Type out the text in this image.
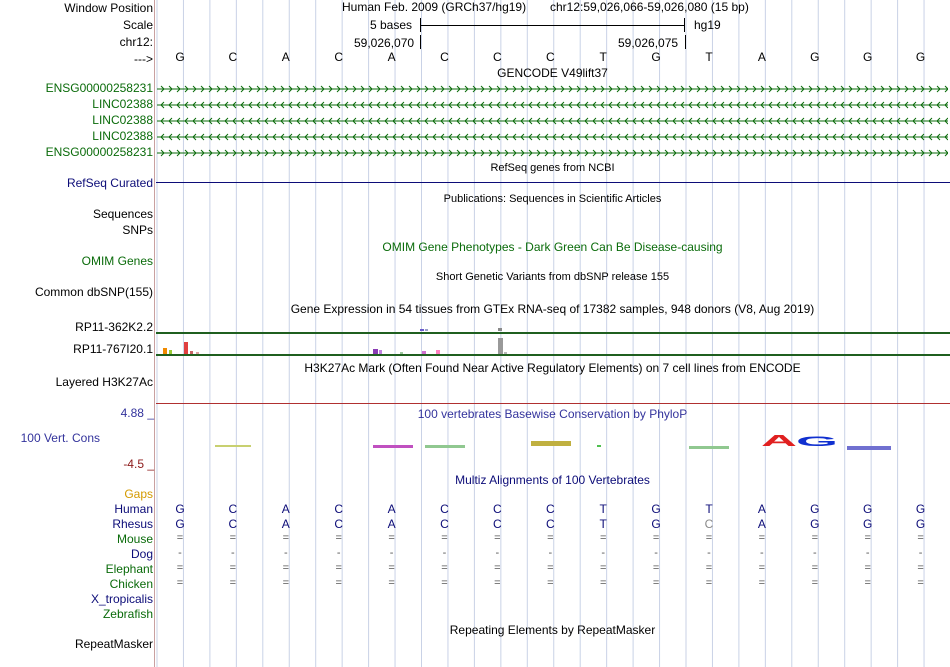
Window Position
Scale
chr12:
--->
Human Feb. 2009 (GRCh37/hg19) chr12:59,026,066-59,026,080 (15 bp)
5 bases	hg19
59,026,070	59,026,075
G	C	A	C	A	C	C	C	T	G	T	A	G	G	G
GENCODE V49lift37
ENSG00000258231
LINC02388
LINC02388
LINC02388
ENSG00000258231
RefSeq genes from NCBI
RefSeq Curated
Publications: Sequences in Scientific Articles
Sequences
SNPs
OMIM Gene Phenotypes - Dark Green Can Be Disease-causing
OMIM Genes
Short Genetic Variants from dbSNP release 155
Common dbSNP(155)
Gene Expression in 54 tissues from GTEx RNA-seq of 17382 samples, 948 donors (V8, Aug 2019)
RP11-362K2.2
RP11-767I20.1
H3K27Ac Mark (Often Found Near Active Regulatory Elements) on 7 cell lines from ENCODE
Layered H3K27Ac
100 vertebrates Basewise Conservation by PhyloP
4.88 _
100 Vert. Cons
-4.5 _
A
G
Multiz Alignments of 100 Vertebrates
Gaps
Human	G	C	A	C	A	C	C	C	T	G	T	A	G	G	G
Rhesus	G	C	A	C	A	C	C	C	T	G	C	A	G	G	G
Mouse	=	=	=	=	=	=	=	=	=	=	=	=	=	=	=
Dog	-	-	-	-	-	-	-	-	-	-	-	-	-	-	-
Elephant	=	=	=	=	=	=	=	=	=	=	=	=	=	=	=
Chicken	=	=	=	=	=	=	=	=	=	=	=	=	=	=	=
X_tropicalis
Zebrafish
Repeating Elements by RepeatMasker
RepeatMasker
